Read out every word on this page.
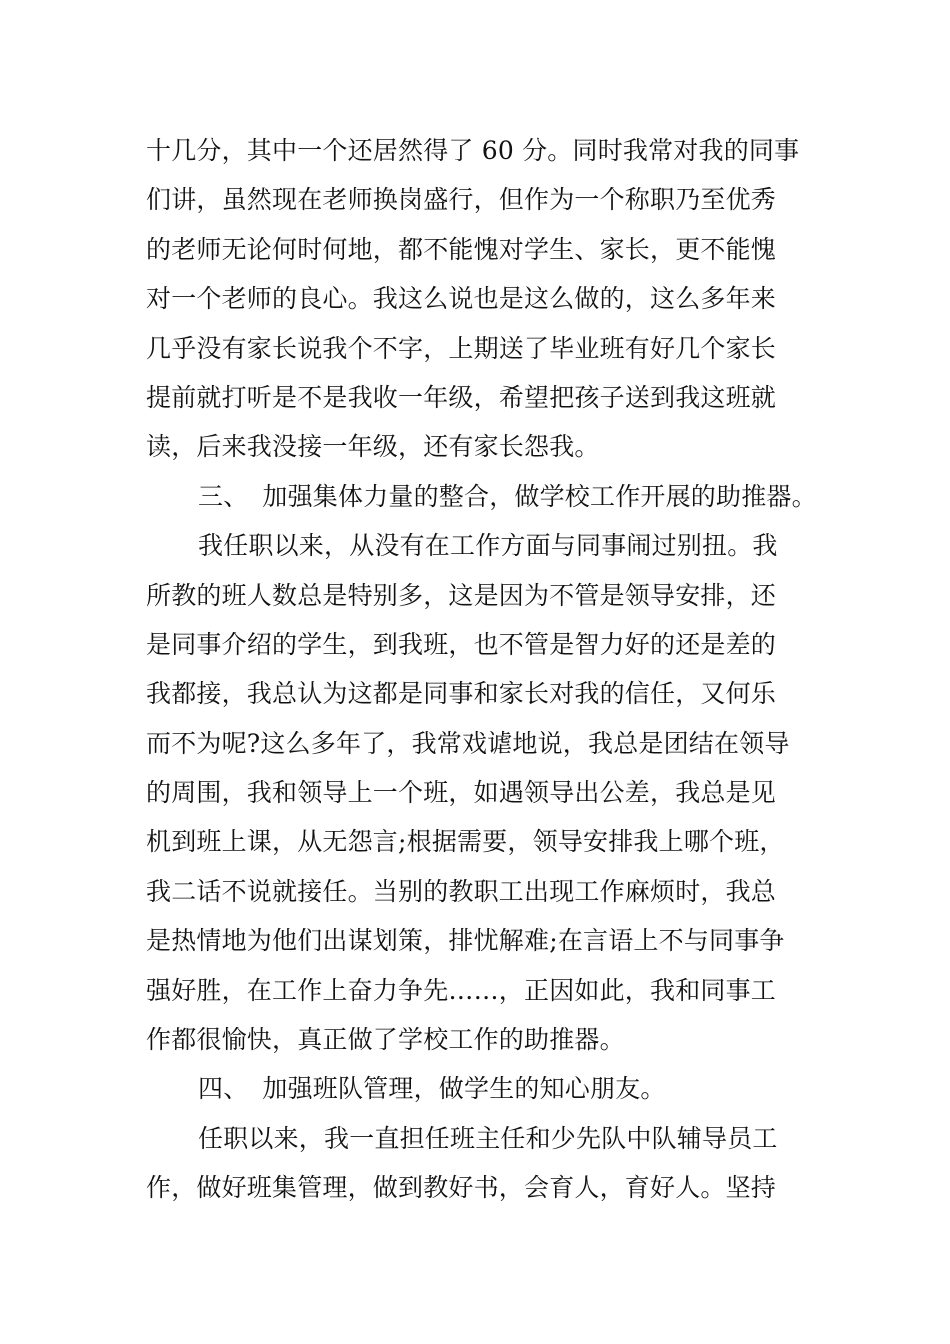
十几分，其中一个还居然得了 60 分。同时我常对我的同事
们讲，虽然现在老师换岗盛行，但作为一个称职乃至优秀
的老师无论何时何地，都不能愧对学生、家长，更不能愧
对一个老师的良心。我这么说也是这么做的，这么多年来
几乎没有家长说我个不字，上期送了毕业班有好几个家长
提前就打听是不是我收一年级，希望把孩子送到我这班就
读，后来我没接一年级，还有家长怨我。
三、 加强集体力量的整合，做学校工作开展的助推器。
我任职以来，从没有在工作方面与同事闹过别扭。我
所教的班人数总是特别多，这是因为不管是领导安排，还
是同事介绍的学生，到我班，也不管是智力好的还是差的
我都接，我总认为这都是同事和家长对我的信任，又何乐
而不为呢?这么多年了，我常戏谑地说，我总是团结在领导
的周围，我和领导上一个班，如遇领导出公差，我总是见
机到班上课，从无怨言;根据需要，领导安排我上哪个班，
我二话不说就接任。当别的教职工出现工作麻烦时，我总
是热情地为他们出谋划策，排忧解难;在言语上不与同事争
强好胜，在工作上奋力争先……，正因如此，我和同事工
作都很愉快，真正做了学校工作的助推器。
四、 加强班队管理，做学生的知心朋友。
任职以来，我一直担任班主任和少先队中队辅导员工
作，做好班集管理，做到教好书，会育人，育好人。坚持
